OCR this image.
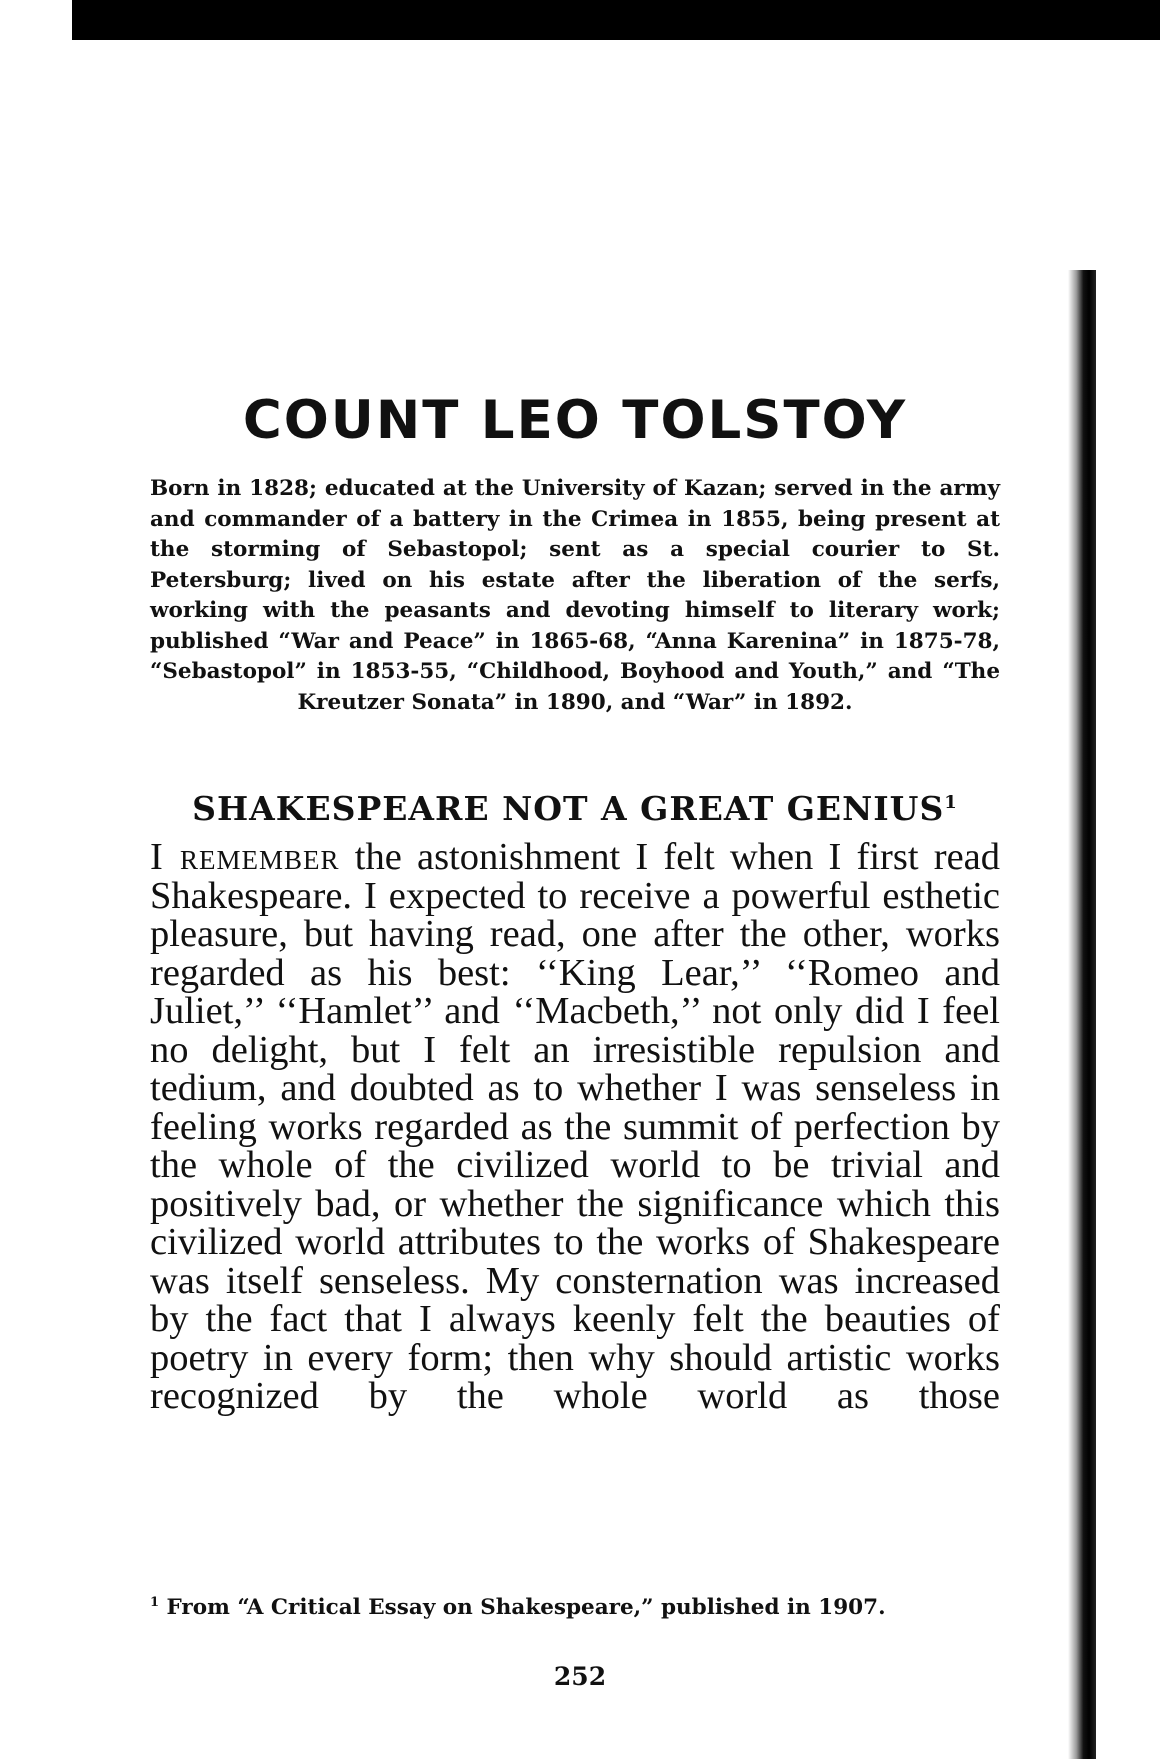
COUNT LEO TOLSTOY

Born in 1828; educated at the University of Kazan; served in the army and commander of a battery in the Crimea in 1855, being present at the storming of Sebastopol; sent as a special courier to St. Petersburg; lived on his estate after the liberation of the serfs, working with the peasants and devoting himself to literary work; published “War and Peace” in 1865-68, “Anna Karenina” in 1875-78, “Sebastopol” in 1853-55, “Childhood, Boyhood and Youth,” and “The Kreutzer Sonata” in 1890, and “War” in 1892.

SHAKESPEARE NOT A GREAT GENIUS$^1$

I remember the astonishment I felt when I first read Shakespeare. I expected to receive a powerful esthetic pleasure, but having read, one after the other, works regarded as his best: ‘‘King Lear,’’ ‘‘Romeo and Juliet,’’ ‘‘Hamlet’’ and ‘‘Macbeth,’’ not only did I feel no delight, but I felt an irresistible repulsion and tedium, and doubted as to whether I was senseless in feeling works regarded as the summit of perfection by the whole of the civilized world to be trivial and positively bad, or whether the significance which this civilized world attributes to the works of Shakespeare was itself senseless. My consternation was increased by the fact that I always keenly felt the beauties of poetry in every form; then why should artistic works recognized by the whole world as those

$^1$ From “A Critical Essay on Shakespeare,” published in 1907.

252
